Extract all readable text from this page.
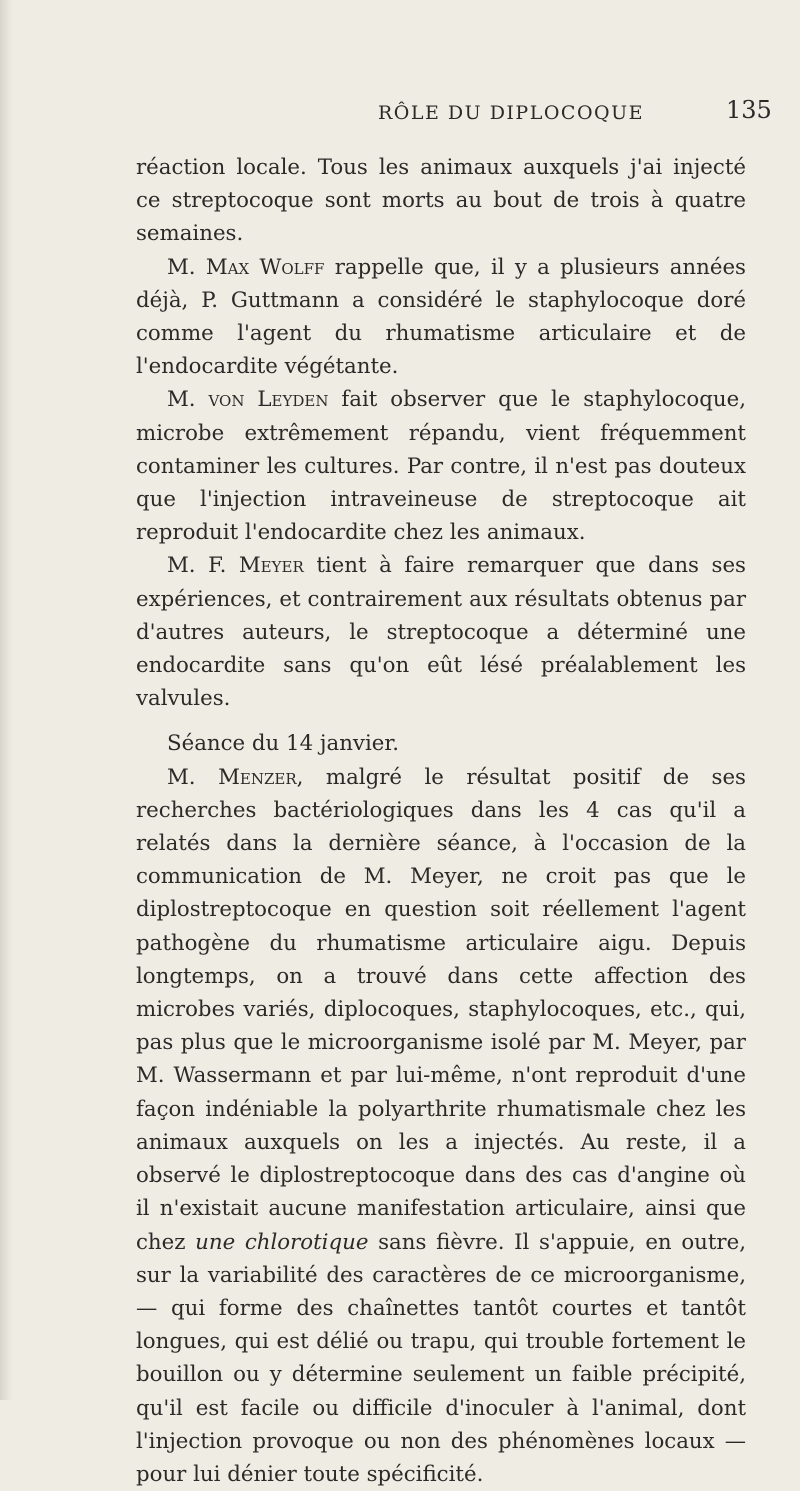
RÔLE DU DIPLOCOQUE	135

réaction locale. Tous les animaux auxquels j'ai injecté ce streptocoque sont morts au bout de trois à quatre semaines.

M. Max Wolff rappelle que, il y a plusieurs années déjà, P. Guttmann a considéré le staphylocoque doré comme l'agent du rhumatisme articulaire et de l'endocardite végétante.

M. von Leyden fait observer que le staphylocoque, microbe extrêmement répandu, vient fréquemment contaminer les cultures. Par contre, il n'est pas douteux que l'injection intraveineuse de streptocoque ait reproduit l'endocardite chez les animaux.

M. F. Meyer tient à faire remarquer que dans ses expériences, et contrairement aux résultats obtenus par d'autres auteurs, le streptocoque a déterminé une endocardite sans qu'on eût lésé préalablement les valvules.

Séance du 14 janvier.

M. Menzer, malgré le résultat positif de ses recherches bactériologiques dans les 4 cas qu'il a relatés dans la dernière séance, à l'occasion de la communication de M. Meyer, ne croit pas que le diplostreptocoque en question soit réellement l'agent pathogène du rhumatisme articulaire aigu. Depuis longtemps, on a trouvé dans cette affection des microbes variés, diplocoques, staphylocoques, etc., qui, pas plus que le microorganisme isolé par M. Meyer, par M. Wassermann et par lui-même, n'ont reproduit d'une façon indéniable la polyarthrite rhumatismale chez les animaux auxquels on les a injectés. Au reste, il a observé le diplostreptocoque dans des cas d'angine où il n'existait aucune manifestation articulaire, ainsi que chez une chlorotique sans fièvre. Il s'appuie, en outre, sur la variabilité des caractères de ce microorganisme, — qui forme des chaînettes tantôt courtes et tantôt longues, qui est délié ou trapu, qui trouble fortement le bouillon ou y détermine seulement un faible précipité, qu'il est facile ou difficile d'inoculer à l'animal, dont l'injection provoque ou non des phénomènes locaux — pour lui dénier toute spécificité.
